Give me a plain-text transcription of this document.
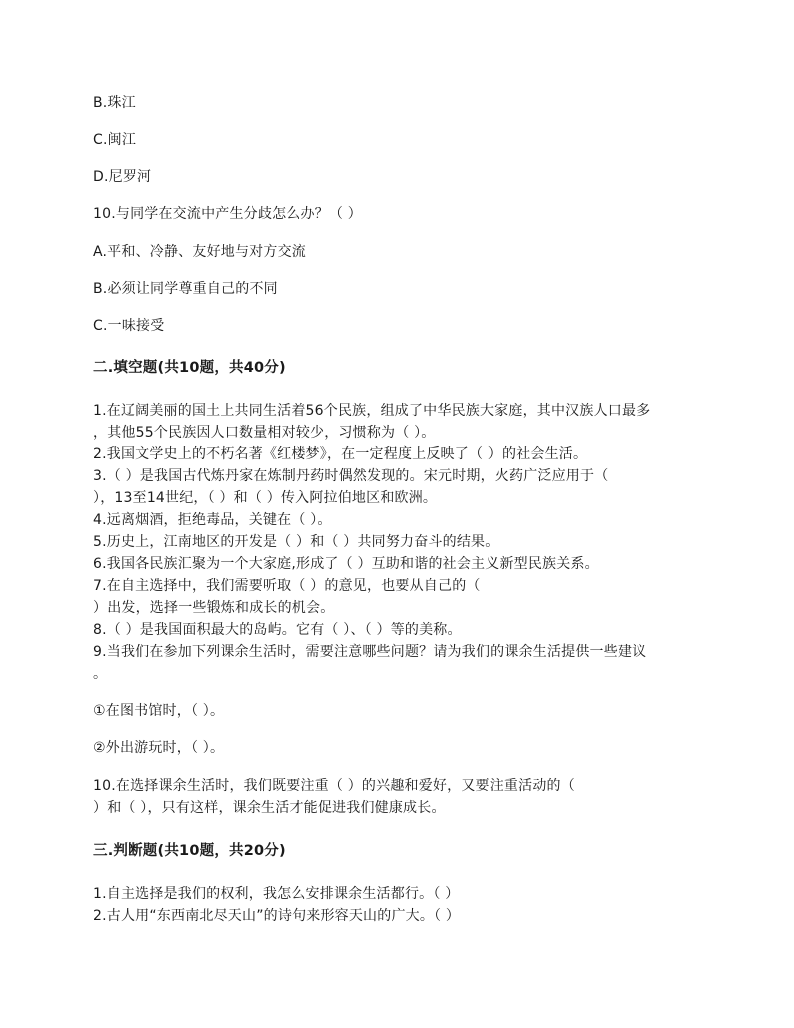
B.珠江
C.闽江
D.尼罗河
10.与同学在交流中产生分歧怎么办？（ ）
A.平和、冷静、友好地与对方交流
B.必须让同学尊重自己的不同
C.一味接受
二.填空题(共10题，共40分)
1.在辽阔美丽的国土上共同生活着56个民族，组成了中华民族大家庭，其中汉族人口最多
，其他55个民族因人口数量相对较少，习惯称为（ ）。
2.我国文学史上的不朽名著《红楼梦》，在一定程度上反映了（ ）的社会生活。
3.（ ）是我国古代炼丹家在炼制丹药时偶然发现的。宋元时期，火药广泛应用于（
），13至14世纪，（ ）和（ ）传入阿拉伯地区和欧洲。
4.远离烟酒，拒绝毒品，关键在（ ）。
5.历史上，江南地区的开发是（ ）和（ ）共同努力奋斗的结果。
6.我国各民族汇聚为一个大家庭,形成了（ ）互助和谐的社会主义新型民族关系。
7.在自主选择中，我们需要听取（ ）的意见，也要从自己的（
）出发，选择一些锻炼和成长的机会。
8.（ ）是我国面积最大的岛屿。它有（ ）、（ ）等的美称。
9.当我们在参加下列课余生活时，需要注意哪些问题？请为我们的课余生活提供一些建议
。
①在图书馆时，（ ）。
②外出游玩时，（ ）。
10.在选择课余生活时，我们既要注重（ ）的兴趣和爱好，又要注重活动的（
）和（ ），只有这样，课余生活才能促进我们健康成长。
三.判断题(共10题，共20分)
1.自主选择是我们的权利，我怎么安排课余生活都行。（ ）
2.古人用“东西南北尽天山”的诗句来形容天山的广大。（ ）
